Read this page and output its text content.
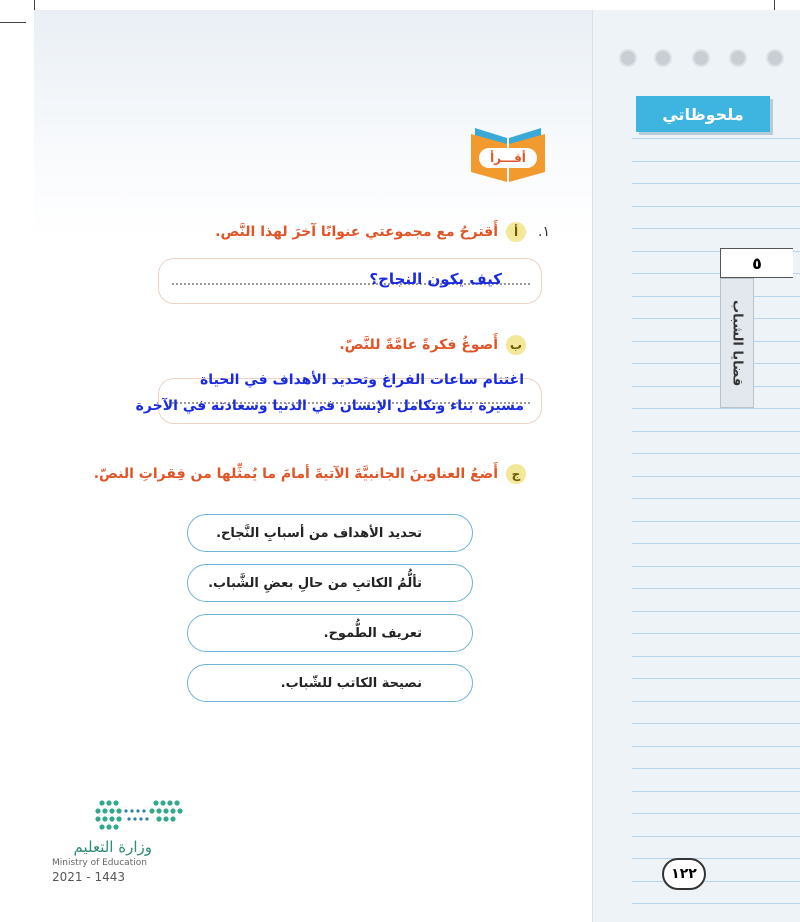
ملحوظاتي
٥
قضايا الشباب
أقـــرأ
.١
أأَقترحُ مع مجموعتي عنوانًا آخرَ لهذا النَّص.
كيف يكون النجاح؟
بأَصوغُ فكرةً عامَّةً للنَّصّ.
اغتنام ساعات الفراغ وتحديد الأهداف في الحياة
مسيرة بناء وتكامل الإنسان في الدنيا وسعادته في الآخرة
جأَضعُ العناوينَ الجانبيَّةَ الآتيةَ أمامَ ما يُمثِّلها من فِقراتِ النصّ.
تحديد الأهداف من أسبابِ النَّجاح.
تألُّمُ الكاتبِ من حالِ بعضِ الشَّباب.
تعريف الطُّموح.
نصيحة الكاتب للشّباب.
وزارة التعليم
Ministry of Education
2021 - 1443	١٢٢
